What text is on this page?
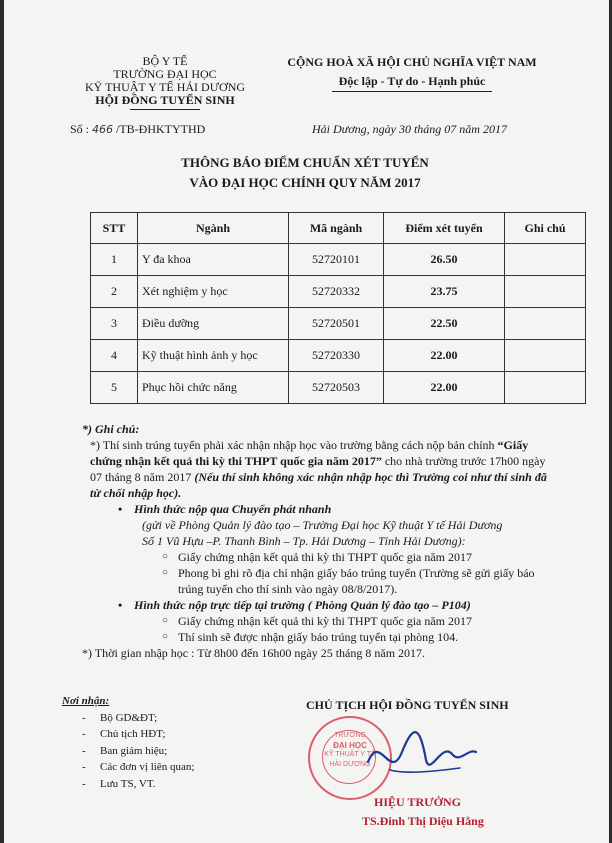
BỘ Y TẾ
TRƯỜNG ĐẠI HỌC
KỸ THUẬT Y TẾ HẢI DƯƠNG
HỘI ĐỒNG TUYỂN SINH
CỘNG HOÀ XÃ HỘI CHỦ NGHĨA VIỆT NAM
Độc lập - Tự do - Hạnh phúc
Số : 466 /TB-ĐHKTYTHD	Hải Dương, ngày 30 tháng 07 năm 2017
THÔNG BÁO ĐIỂM CHUẨN XÉT TUYỂN
VÀO ĐẠI HỌC CHÍNH QUY NĂM 2017
STT	Ngành	Mã ngành	Điểm xét tuyển	Ghi chú
1	Y đa khoa	52720101	26.50	
2	Xét nghiệm y học	52720332	23.75	
3	Điều dưỡng	52720501	22.50	
4	Kỹ thuật hình ảnh y học	52720330	22.00	
5	Phục hồi chức năng	52720503	22.00	

*) Ghi chú:

*) Thí sinh trúng tuyển phải xác nhận nhập học vào trường bằng cách nộp bản chính “Giấy chứng nhận kết quả thi kỳ thi THPT quốc gia năm 2017” cho nhà trường trước 17h00 ngày 07 tháng 8 năm 2017 (Nếu thí sinh không xác nhận nhập học thì Trường coi như thí sinh đã từ chối nhập học).

• Hình thức nộp qua Chuyển phát nhanh

(gửi về Phòng Quản lý đào tạo – Trường Đại học Kỹ thuật Y tế Hải Dương

Số 1 Vũ Hựu –P. Thanh Bình – Tp. Hải Dương – Tỉnh Hải Dương):

○ Giấy chứng nhận kết quả thi kỳ thi THPT quốc gia năm 2017

○ Phong bì ghi rõ địa chỉ nhận giấy báo trúng tuyển (Trường sẽ gửi giấy báo trúng tuyển cho thí sinh vào ngày 08/8/2017).

• Hình thức nộp trực tiếp tại trường ( Phòng Quản lý đào tạo – P104)

○ Giấy chứng nhận kết quả thi kỳ thi THPT quốc gia năm 2017

○ Thí sinh sẽ được nhận giấy báo trúng tuyển tại phòng 104.

*) Thời gian nhập học : Từ 8h00 đến 16h00 ngày 25 tháng 8 năm 2017.

Nơi nhận:
- Bộ GD&ĐT;
- Chủ tịch HĐT;
- Ban giám hiệu;
- Các đơn vị liên quan;
- Lưu TS, VT.
CHỦ TỊCH HỘI ĐỒNG TUYỂN SINH
TRƯỜNG
ĐẠI HỌC
KỸ THUẬT Y TẾ
HẢI DƯƠNG
HIỆU TRƯỞNG
TS.Đinh Thị Diệu Hằng
